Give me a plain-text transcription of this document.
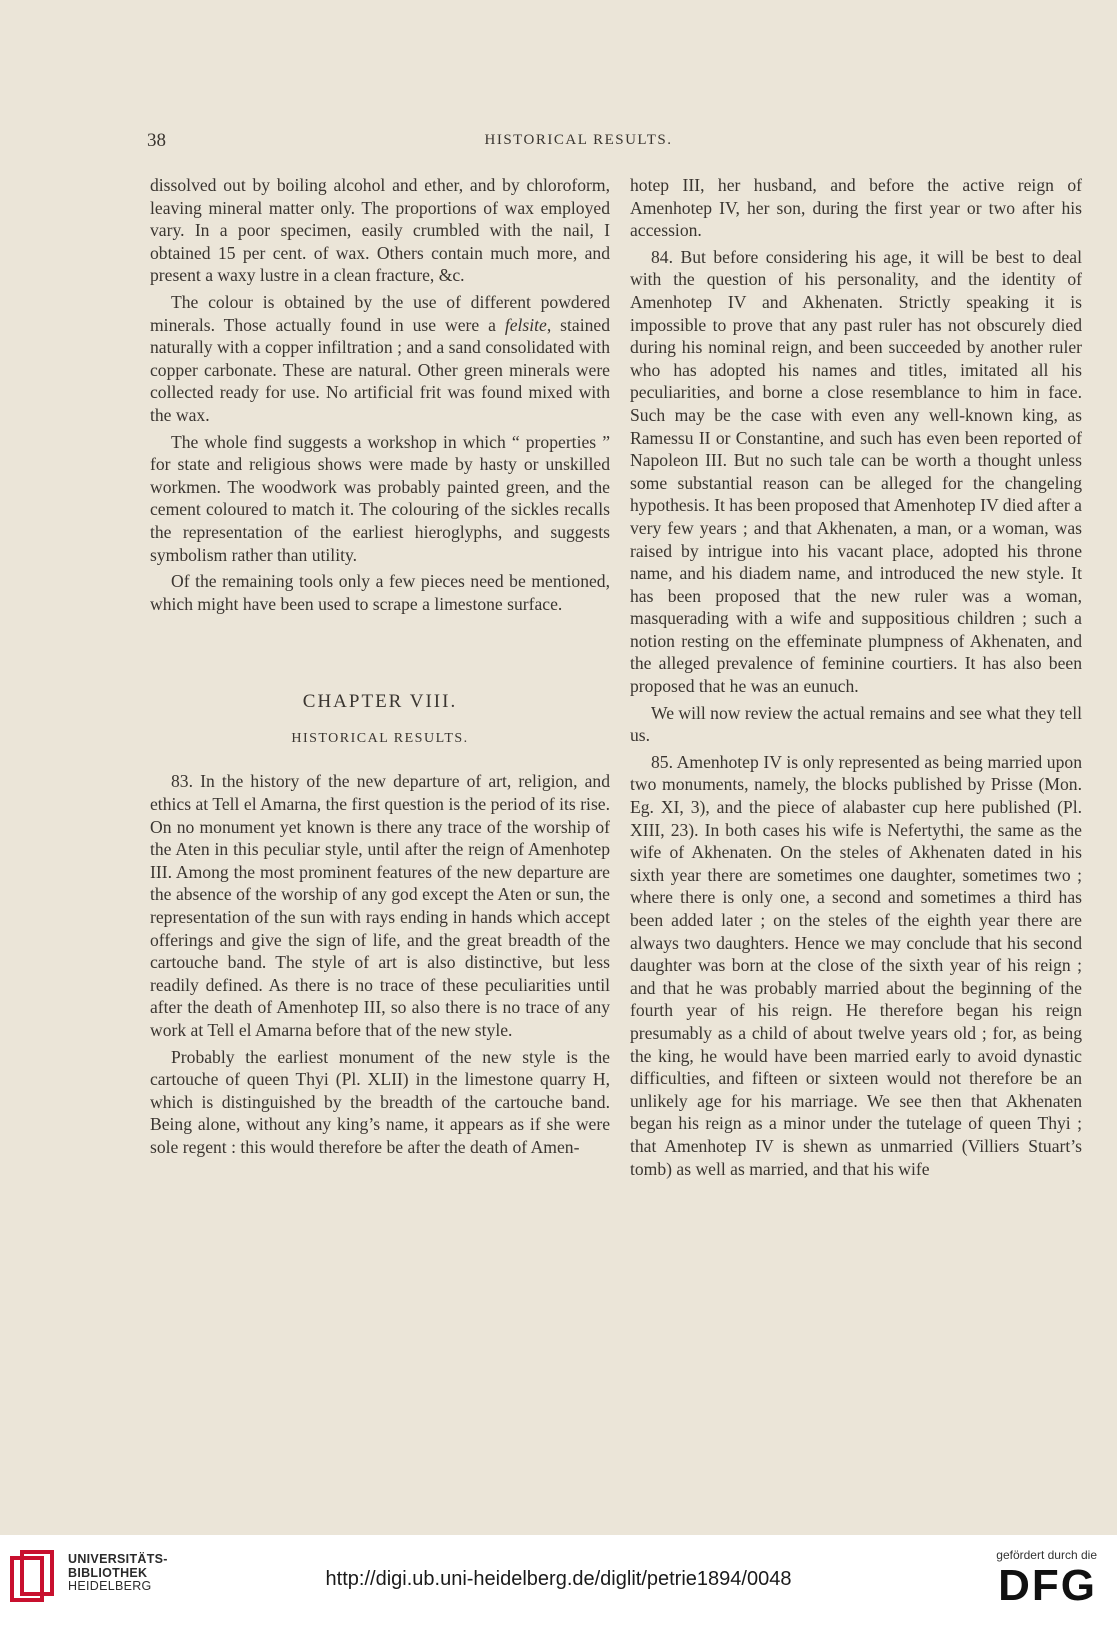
38	HISTORICAL RESULTS.

dissolved out by boiling alcohol and ether, and by chloroform, leaving mineral matter only. The proportions of wax employed vary. In a poor specimen, easily crumbled with the nail, I obtained 15 per cent. of wax. Others contain much more, and present a waxy lustre in a clean fracture, &c.

The colour is obtained by the use of different powdered minerals. Those actually found in use were a felsite, stained naturally with a copper infiltration ; and a sand consolidated with copper carbonate. These are natural. Other green minerals were collected ready for use. No artificial frit was found mixed with the wax.

The whole find suggests a workshop in which “ properties ” for state and religious shows were made by hasty or unskilled workmen. The woodwork was probably painted green, and the cement coloured to match it. The colouring of the sickles recalls the representation of the earliest hieroglyphs, and suggests symbolism rather than utility.

Of the remaining tools only a few pieces need be mentioned, which might have been used to scrape a limestone surface.

CHAPTER VIII.
HISTORICAL RESULTS.

83. In the history of the new departure of art, religion, and ethics at Tell el Amarna, the first question is the period of its rise. On no monument yet known is there any trace of the worship of the Aten in this peculiar style, until after the reign of Amenhotep III. Among the most prominent features of the new departure are the absence of the worship of any god except the Aten or sun, the representation of the sun with rays ending in hands which accept offerings and give the sign of life, and the great breadth of the cartouche band. The style of art is also distinctive, but less readily defined. As there is no trace of these peculiarities until after the death of Amenhotep III, so also there is no trace of any work at Tell el Amarna before that of the new style.

Probably the earliest monument of the new style is the cartouche of queen Thyi (Pl. XLII) in the limestone quarry H, which is distinguished by the breadth of the cartouche band. Being alone, without any king’s name, it appears as if she were sole regent : this would therefore be after the death of Amen-

hotep III, her husband, and before the active reign of Amenhotep IV, her son, during the first year or two after his accession.

84. But before considering his age, it will be best to deal with the question of his personality, and the identity of Amenhotep IV and Akhenaten. Strictly speaking it is impossible to prove that any past ruler has not obscurely died during his nominal reign, and been succeeded by another ruler who has adopted his names and titles, imitated all his peculiarities, and borne a close resemblance to him in face. Such may be the case with even any well-known king, as Ramessu II or Constantine, and such has even been reported of Napoleon III. But no such tale can be worth a thought unless some substantial reason can be alleged for the changeling hypothesis. It has been proposed that Amenhotep IV died after a very few years ; and that Akhenaten, a man, or a woman, was raised by intrigue into his vacant place, adopted his throne name, and his diadem name, and introduced the new style. It has been proposed that the new ruler was a woman, masquerading with a wife and suppositious children ; such a notion resting on the effeminate plumpness of Akhenaten, and the alleged prevalence of feminine courtiers. It has also been proposed that he was an eunuch.

We will now review the actual remains and see what they tell us.

85. Amenhotep IV is only represented as being married upon two monuments, namely, the blocks published by Prisse (Mon. Eg. XI, 3), and the piece of alabaster cup here published (Pl. XIII, 23). In both cases his wife is Nefertythi, the same as the wife of Akhenaten. On the steles of Akhenaten dated in his sixth year there are sometimes one daughter, sometimes two ; where there is only one, a second and sometimes a third has been added later ; on the steles of the eighth year there are always two daughters. Hence we may conclude that his second daughter was born at the close of the sixth year of his reign ; and that he was probably married about the beginning of the fourth year of his reign. He therefore began his reign presumably as a child of about twelve years old ; for, as being the king, he would have been married early to avoid dynastic difficulties, and fifteen or sixteen would not therefore be an unlikely age for his marriage. We see then that Akhenaten began his reign as a minor under the tutelage of queen Thyi ; that Amenhotep IV is shewn as unmarried (Villiers Stuart’s tomb) as well as married, and that his wife

UNIVERSITÄTS-
BIBLIOTHEK
HEIDELBERG	http://digi.ub.uni-heidelberg.de/diglit/petrie1894/0048
gefördert durch die
DFG
